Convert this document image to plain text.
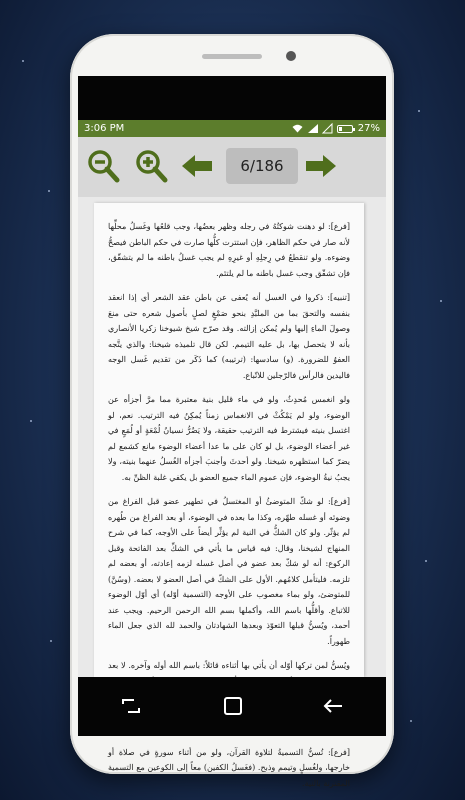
3:06 PM	27%
6/186

[فرع]: لو دهنت شوكتُهُ في رجله وظهر بعضُها، وجب قلعُها وغَسلُ محلِّها لأنه صار في حكم الظاهر، فإن استترت كلُّها صارت في حكم الباطن فيصحُّ وضوءه. ولو تنقطعُ في رِجلِهِ أو غيرِهِ لم يجب غسلُ باطنه ما لم يتشقّق، فإن تشقّق وجب غسل باطنه ما لم يلتئم.

[تنبيه]: ذكروا في الغسل أنه يُعفى عن باطن عقد الشعر أي إذا انعقد بنفسه والتحقَ بما من الملبَّدِ بنحو صَمْغٍ لصلٍ بأصول شعره حتى منعَ وصولَ الماءِ إليها ولم يُمكن إزالته. وقد صرّح شيخ شيوخنا زكريا الأنصاري بأنه لا يتحصل بها، بل عليه التيمم. لكن قال تلميذه شيخنا: والذي يتَّجه العفوُ للضرورة. (و) سادسها: (ترتيبه) كما ذَكَر من تقديم غَسل الوجه فاليدين فالرأس فالرّجلين للاتّباع.

ولو انغمس مُحدِثٌ، ولو في ماء قليل بنية معتبرة مما مرَّ أجزأه عن الوضوء، ولو لم يَمْكُثْ في الانغماس زمناً يُمكِنُ فيه الترتيب. نعم، لو اغتسل بنيته فيشترط فيه الترتيب حقيقة، ولا يَضُرُّ نسيانُ لُمْعَةٍ أو لُمَعٍ في غير أعضاء الوضوء، بل لو كان على ما عدا أعضاء الوضوء مانع كشمع لم يضرّ كما استظهره شيخنا. ولو أحدثَ وأجنبَ أجزأه الغُسلُ عنهما بنيته، ولا يجبُ نيةُ الوضوء، فإن عموم الماء جميع العضو بل يكفي غلبة الظنِّ به.

[فرع]: لو شكّ المتوضئُ أو المغتسلُ في تطهير عضو قبل الفراغ من وضوئه أو غسله طهّره، وكذا ما بعده في الوضوء، أو بعد الفراغ من طُهره لم يؤثّر. ولو كان الشكُّ في النية لم يؤثِّر أيضاً على الأوجه، كما في شرح المنهاج لشيخنا، وقال: فيه قياس ما يأتي في الشكِّ بعد الفاتحة وقبل الركوع: أنه لو شكّ بعد عضو في أصل غسله لزمه إعادته، أو بعضه لم تلزمه. فليتأمل كلامُهم. الأول على الشكّ في أصل العضو لا بعضه. (وسُنَّ) للمتوضئ، ولو بماء مغصوب على الأوجه (التسمية أوّله) أي أوّل الوضوء للاتباع. وأقلُّها باسم الله، وأكملها بسم الله الرحمن الرحيم. ويجب عند أحمد، ويُسنُّ قبلها التعوّذ وبعدها الشهادتان والحمد لله الذي جعل الماء طهوراً.

ويُسنُّ لمن تركها أوّله أن يأتي بها أثناءه قائلاً: باسم الله أوله وآخره. لا بعد

[فرع]: تُسنُّ التسميةُ لتلاوة القرآن، ولو من أثناء سورةٍ في صلاة أو خارجها، ولغُسلٍ وتيمم وذبح. (فغَسلُ الكفين) معاً إلى الكوعين مع التسمية المقترنة بالنية.
